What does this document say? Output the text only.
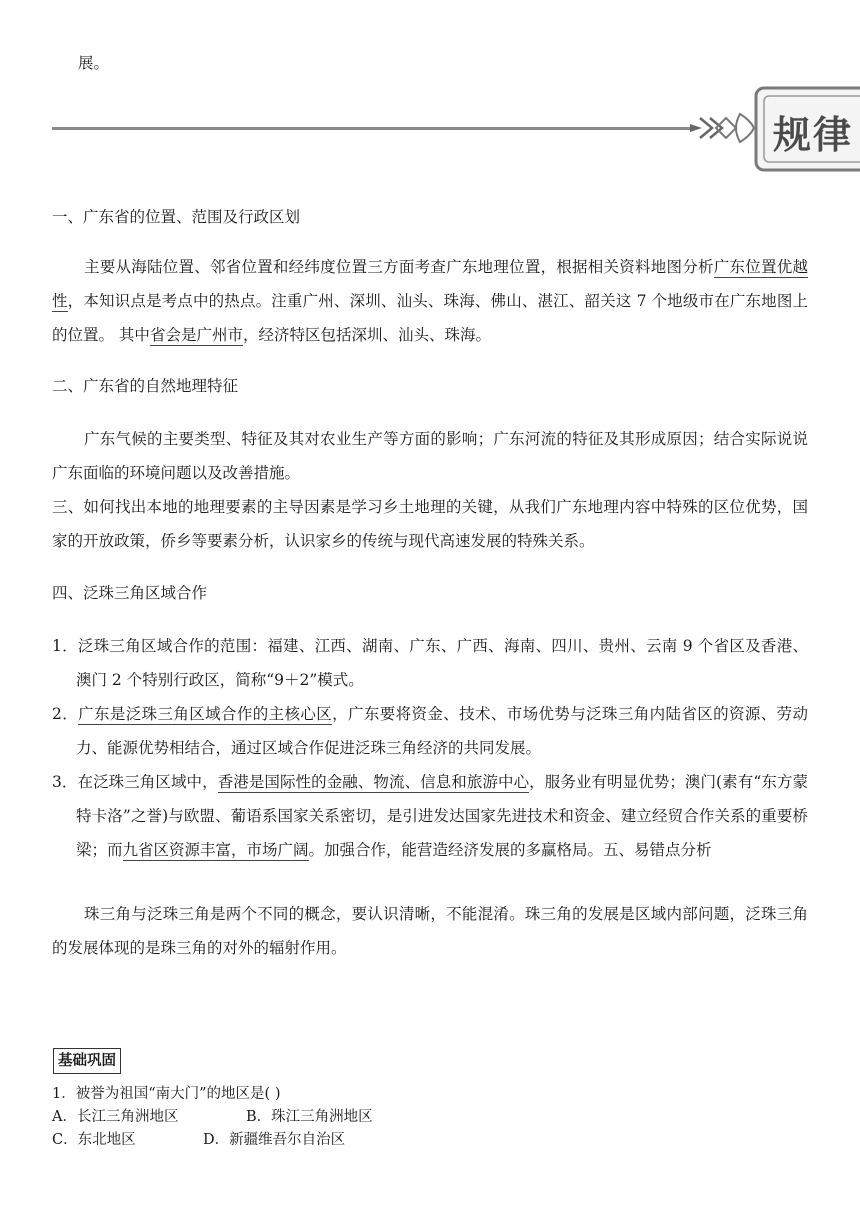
展。
规律
一、广东省的位置、范围及行政区划
主要从海陆位置、邻省位置和经纬度位置三方面考查广东地理位置，根据相关资料地图分析广东位置优越性，本知识点是考点中的热点。注重广州、深圳、汕头、珠海、佛山、湛江、韶关这 7 个地级市在广东地图上的位置。 其中省会是广州市，经济特区包括深圳、汕头、珠海。
二、广东省的自然地理特征
广东气候的主要类型、特征及其对农业生产等方面的影响；广东河流的特征及其形成原因；结合实际说说广东面临的环境问题以及改善措施。
三、如何找出本地的地理要素的主导因素是学习乡土地理的关键，从我们广东地理内容中特殊的区位优势，国家的开放政策，侨乡等要素分析，认识家乡的传统与现代高速发展的特殊关系。
四、泛珠三角区域合作
1．泛珠三角区域合作的范围：福建、江西、湖南、广东、广西、海南、四川、贵州、云南 9 个省区及香港、澳门 2 个特别行政区，简称“9＋2”模式。
2．广东是泛珠三角区域合作的主核心区，广东要将资金、技术、市场优势与泛珠三角内陆省区的资源、劳动力、能源优势相结合，通过区域合作促进泛珠三角经济的共同发展。
3．在泛珠三角区域中，香港是国际性的金融、物流、信息和旅游中心，服务业有明显优势；澳门(素有“东方蒙特卡洛”之誉)与欧盟、葡语系国家关系密切，是引进发达国家先进技术和资金、建立经贸合作关系的重要桥梁；而九省区资源丰富，市场广阔。加强合作，能营造经济发展的多赢格局。五、易错点分析
珠三角与泛珠三角是两个不同的概念，要认识清晰，不能混淆。珠三角的发展是区域内部问题，泛珠三角的发展体现的是珠三角的对外的辐射作用。
基础巩固
1．被誉为祖国“南大门”的地区是( )
A．长江三角洲地区	B．珠江三角洲地区
C．东北地区	D．新疆维吾尔自治区
